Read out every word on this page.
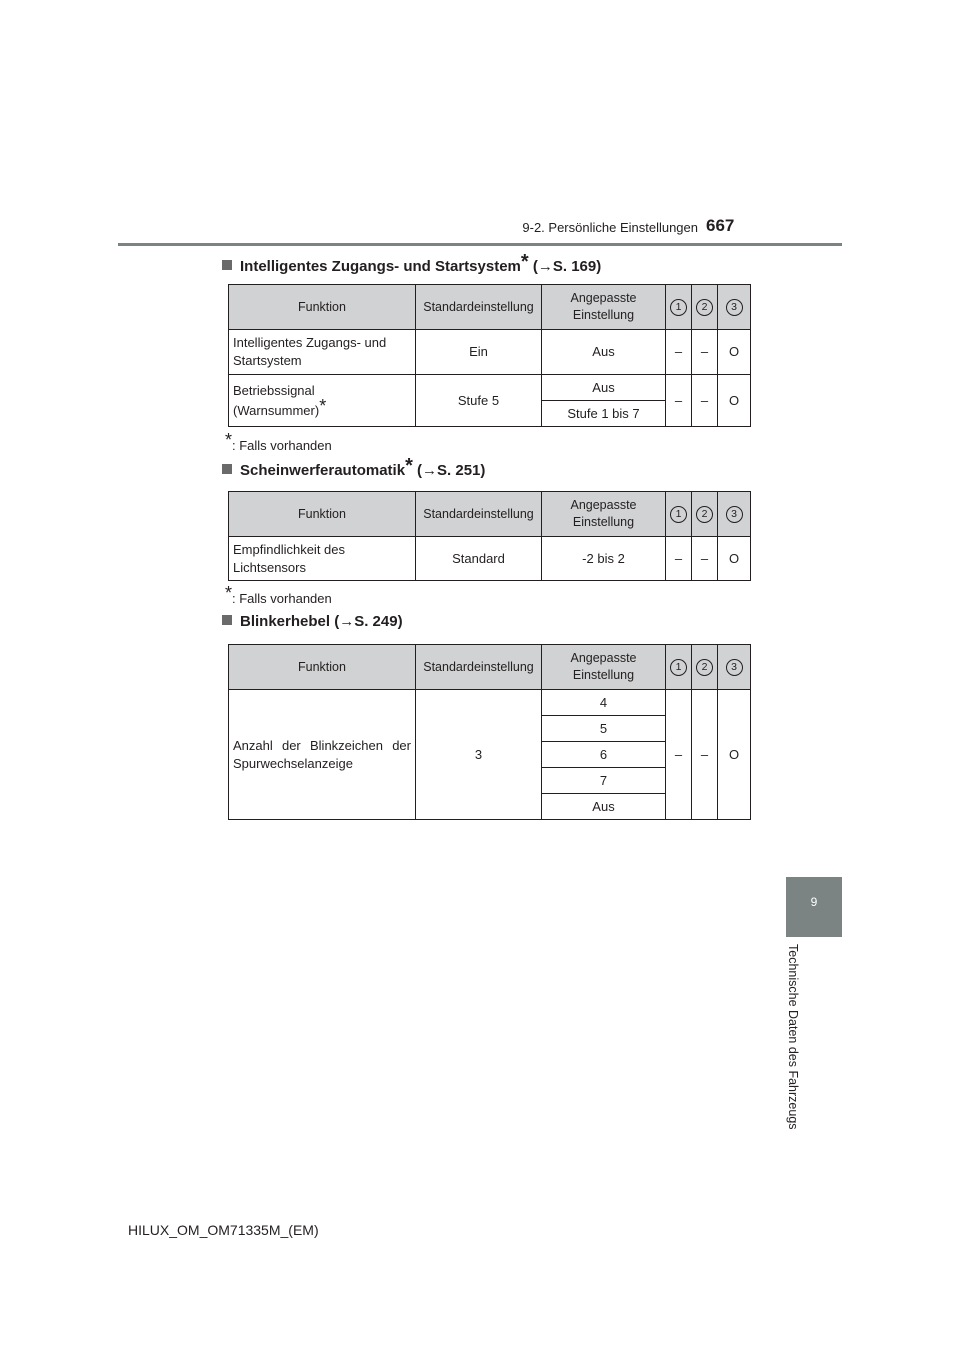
9-2. Persönliche Einstellungen 667
Intelligentes Zugangs- und Startsystem* (→S. 169)
Funktion	Standardeinstellung	Angepasste Einstellung	1	2	3
Intelligentes Zugangs- und Startsystem	Ein	Aus	–	–	O
Betriebssignal (Warnsummer)*	Stufe 5	Aus	–	–	O
		Stufe 1 bis 7			
*: Falls vorhanden
Scheinwerferautomatik* (→S. 251)
Funktion	Standardeinstellung	Angepasste Einstellung	1	2	3
Empfindlichkeit des Lichtsensors	Standard	-2 bis 2	–	–	O
*: Falls vorhanden
Blinkerhebel (→S. 249)
Funktion	Standardeinstellung	Angepasste Einstellung	1	2	3
Anzahl der Blinkzeichen der Spurwechselanzeige	3	4	–	–	O
		5			
		6			
		7			
		Aus			
9
Technische Daten des Fahrzeugs
HILUX_OM_OM71335M_(EM)
